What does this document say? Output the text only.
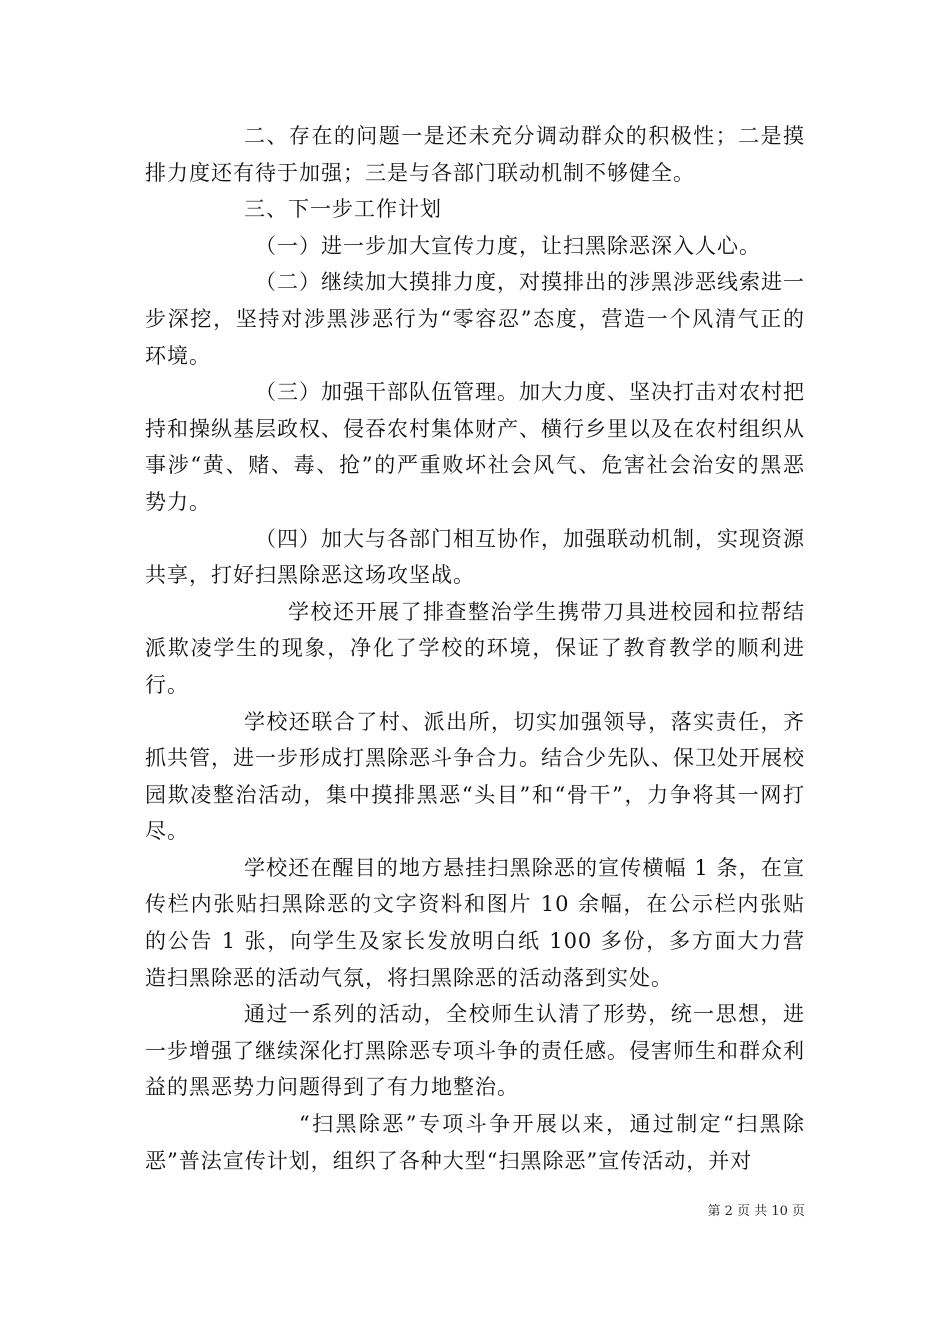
二、存在的问题一是还未充分调动群众的积极性；二是摸排力度还有待于加强；三是与各部门联动机制不够健全。

三、下一步工作计划

（一）进一步加大宣传力度，让扫黑除恶深入人心。

（二）继续加大摸排力度，对摸排出的涉黑涉恶线索进一步深挖，坚持对涉黑涉恶行为“零容忍”态度，营造一个风清气正的环境。

（三）加强干部队伍管理。加大力度、坚决打击对农村把持和操纵基层政权、侵吞农村集体财产、横行乡里以及在农村组织从事涉“黄、赌、毒、抢”的严重败坏社会风气、危害社会治安的黑恶势力。

（四）加大与各部门相互协作，加强联动机制，实现资源共享，打好扫黑除恶这场攻坚战。

学校还开展了排查整治学生携带刀具进校园和拉帮结派欺凌学生的现象，净化了学校的环境，保证了教育教学的顺利进行。

学校还联合了村、派出所，切实加强领导，落实责任，齐抓共管，进一步形成打黑除恶斗争合力。结合少先队、保卫处开展校园欺凌整治活动，集中摸排黑恶“头目”和“骨干”，力争将其一网打尽。

学校还在醒目的地方悬挂扫黑除恶的宣传横幅 1 条，在宣传栏内张贴扫黑除恶的文字资料和图片 10 余幅，在公示栏内张贴的公告 1 张，向学生及家长发放明白纸 100 多份，多方面大力营造扫黑除恶的活动气氛，将扫黑除恶的活动落到实处。

通过一系列的活动，全校师生认清了形势，统一思想，进一步增强了继续深化打黑除恶专项斗争的责任感。侵害师生和群众利益的黑恶势力问题得到了有力地整治。

“扫黑除恶”专项斗争开展以来，通过制定“扫黑除恶”普法宣传计划，组织了各种大型“扫黑除恶”宣传活动，并对

第 2 页 共 10 页
